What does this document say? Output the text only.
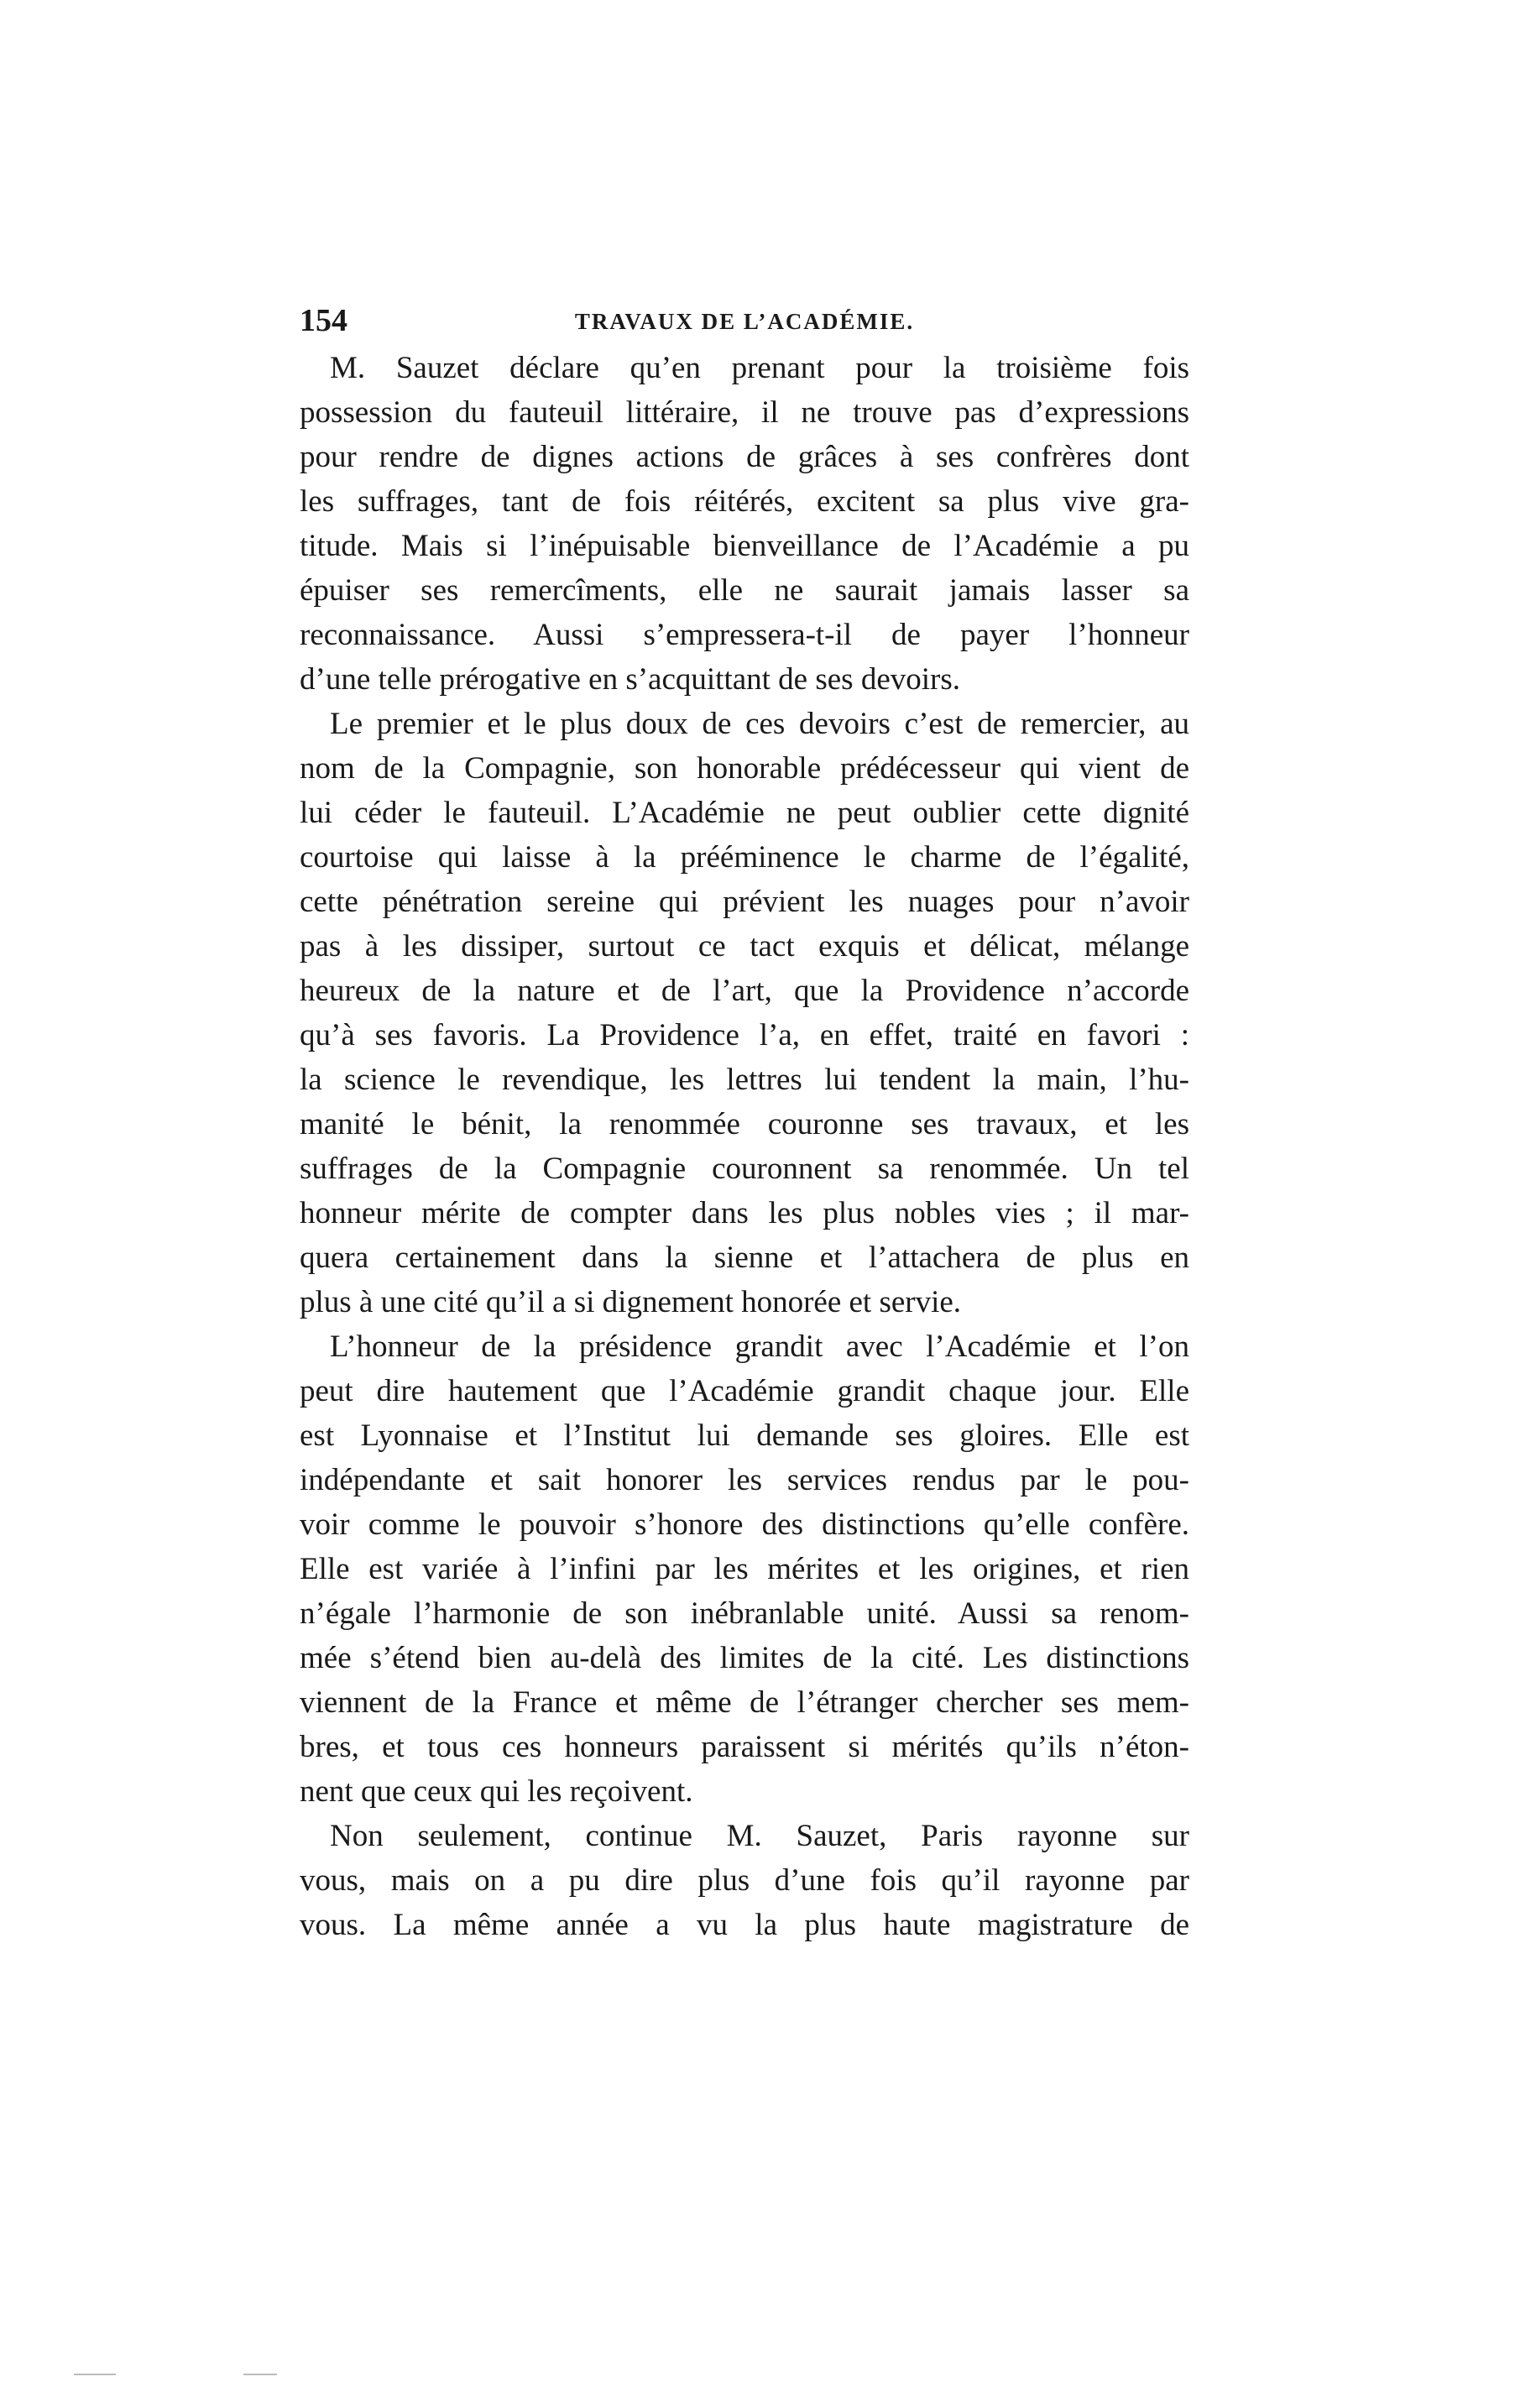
154	TRAVAUX DE L’ACADÉMIE.
M. Sauzet déclare qu’en prenant pour la troisième fois
possession du fauteuil littéraire, il ne trouve pas d’expressions
pour rendre de dignes actions de grâces à ses confrères dont
les suffrages, tant de fois réitérés, excitent sa plus vive gra-
titude. Mais si l’inépuisable bienveillance de l’Académie a pu
épuiser ses remercîments, elle ne saurait jamais lasser sa
reconnaissance. Aussi s’empressera-t-il de payer l’honneur
d’une telle prérogative en s’acquittant de ses devoirs.
Le premier et le plus doux de ces devoirs c’est de remercier, au
nom de la Compagnie, son honorable prédécesseur qui vient de
lui céder le fauteuil. L’Académie ne peut oublier cette dignité
courtoise qui laisse à la prééminence le charme de l’égalité,
cette pénétration sereine qui prévient les nuages pour n’avoir
pas à les dissiper, surtout ce tact exquis et délicat, mélange
heureux de la nature et de l’art, que la Providence n’accorde
qu’à ses favoris. La Providence l’a, en effet, traité en favori :
la science le revendique, les lettres lui tendent la main, l’hu-
manité le bénit, la renommée couronne ses travaux, et les
suffrages de la Compagnie couronnent sa renommée. Un tel
honneur mérite de compter dans les plus nobles vies ; il mar-
quera certainement dans la sienne et l’attachera de plus en
plus à une cité qu’il a si dignement honorée et servie.
L’honneur de la présidence grandit avec l’Académie et l’on
peut dire hautement que l’Académie grandit chaque jour. Elle
est Lyonnaise et l’Institut lui demande ses gloires. Elle est
indépendante et sait honorer les services rendus par le pou-
voir comme le pouvoir s’honore des distinctions qu’elle confère.
Elle est variée à l’infini par les mérites et les origines, et rien
n’égale l’harmonie de son inébranlable unité. Aussi sa renom-
mée s’étend bien au-delà des limites de la cité. Les distinctions
viennent de la France et même de l’étranger chercher ses mem-
bres, et tous ces honneurs paraissent si mérités qu’ils n’éton-
nent que ceux qui les reçoivent.
Non seulement, continue M. Sauzet, Paris rayonne sur
vous, mais on a pu dire plus d’une fois qu’il rayonne par
vous. La même année a vu la plus haute magistrature de
